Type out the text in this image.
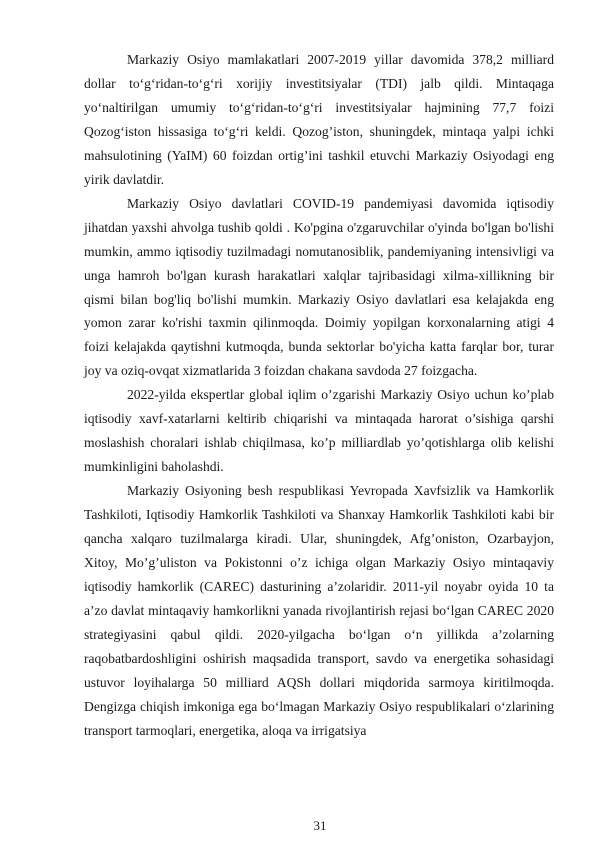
Markaziy Osiyo mamlakatlari 2007-2019 yillar davomida 378,2 milliard dollar to‘g‘ridan-to‘g‘ri xorijiy investitsiyalar (TDI) jalb qildi. Mintaqaga yo‘naltirilgan umumiy to‘g‘ridan-to‘g‘ri investitsiyalar hajmining 77,7 foizi Qozog‘iston hissasiga to‘g‘ri keldi. Qozog’iston, shuningdek, mintaqa yalpi ichki mahsulotining (YaIM) 60 foizdan ortig’ini tashkil etuvchi Markaziy Osiyodagi eng yirik davlatdir.

Markaziy Osiyo davlatlari COVID-19 pandemiyasi davomida iqtisodiy jihatdan yaxshi ahvolga tushib qoldi . Ko'pgina o'zgaruvchilar o'yinda bo'lgan bo'lishi mumkin, ammo iqtisodiy tuzilmadagi nomutanosiblik, pandemiyaning intensivligi va unga hamroh bo'lgan kurash harakatlari xalqlar tajribasidagi xilma-xillikning bir qismi bilan bog'liq bo'lishi mumkin. Markaziy Osiyo davlatlari esa kelajakda eng yomon zarar ko'rishi taxmin qilinmoqda. Doimiy yopilgan korxonalarning atigi 4 foizi kelajakda qaytishni kutmoqda, bunda sektorlar bo'yicha katta farqlar bor, turar joy va oziq-ovqat xizmatlarida 3 foizdan chakana savdoda 27 foizgacha.

2022-yilda ekspertlar global iqlim o’zgarishi Markaziy Osiyo uchun ko’plab iqtisodiy xavf-xatarlarni keltirib chiqarishi va mintaqada harorat o’sishiga qarshi moslashish choralari ishlab chiqilmasa, ko’p milliardlab yo’qotishlarga olib kelishi mumkinligini baholashdi.

Markaziy Osiyoning besh respublikasi Yevropada Xavfsizlik va Hamkorlik Tashkiloti, Iqtisodiy Hamkorlik Tashkiloti va Shanxay Hamkorlik Tashkiloti kabi bir qancha xalqaro tuzilmalarga kiradi. Ular, shuningdek, Afg’oniston, Ozarbayjon, Xitoy, Mo’g’uliston va Pokistonni o’z ichiga olgan Markaziy Osiyo mintaqaviy iqtisodiy hamkorlik (CAREC) dasturining a’zolaridir. 2011-yil noyabr oyida 10 ta a’zo davlat mintaqaviy hamkorlikni yanada rivojlantirish rejasi bo‘lgan CAREC 2020 strategiyasini qabul qildi. 2020-yilgacha bo‘lgan o‘n yillikda a’zolarning raqobatbardoshligini oshirish maqsadida transport, savdo va energetika sohasidagi ustuvor loyihalarga 50 milliard AQSh dollari miqdorida sarmoya kiritilmoqda. Dengizga chiqish imkoniga ega bo‘lmagan Markaziy Osiyo respublikalari o‘zlarining transport tarmoqlari, energetika, aloqa va irrigatsiya

31
